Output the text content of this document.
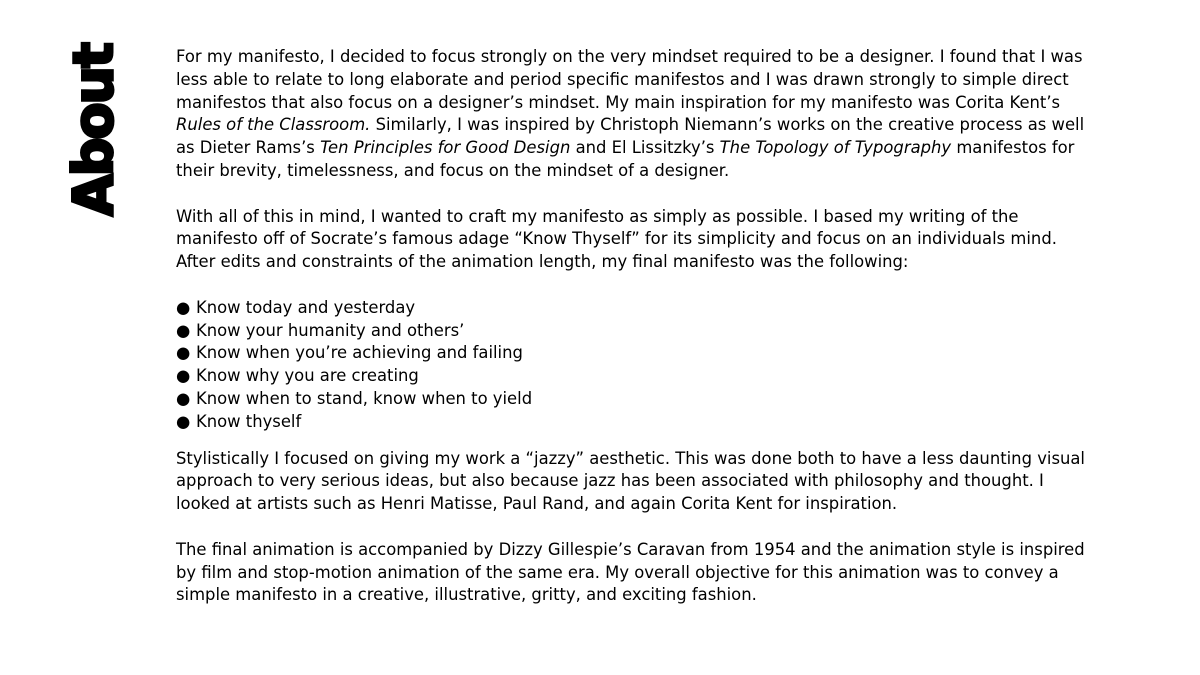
About	For my manifesto, I decided to focus strongly on the very mindset required to be a designer. I found that I was less able to relate to long elaborate and period specific manifestos and I was drawn strongly to simple direct manifestos that also focus on a designer’s mindset. My main inspiration for my manifesto was Corita Kent’s Rules of the Classroom. Similarly, I was inspired by Christoph Niemann’s works on the creative process as well as Dieter Rams’s Ten Principles for Good Design and El Lissitzky’s The Topology of Typography manifestos for their brevity, timelessness, and focus on the mindset of a designer.

With all of this in mind, I wanted to craft my manifesto as simply as possible. I based my writing of the manifesto off of Socrate’s famous adage “Know Thyself” for its simplicity and focus on an individuals mind. After edits and constraints of the animation length, my final manifesto was the following:

● Know today and yesterday
● Know your humanity and others’
● Know when you’re achieving and failing
● Know why you are creating
● Know when to stand, know when to yield
● Know thyself

Stylistically I focused on giving my work a “jazzy” aesthetic. This was done both to have a less daunting visual approach to very serious ideas, but also because jazz has been associated with philosophy and thought. I looked at artists such as Henri Matisse, Paul Rand, and again Corita Kent for inspiration.

The final animation is accompanied by Dizzy Gillespie’s Caravan from 1954 and the animation style is inspired by film and stop-motion animation of the same era. My overall objective for this animation was to convey a simple manifesto in a creative, illustrative, gritty, and exciting fashion.
